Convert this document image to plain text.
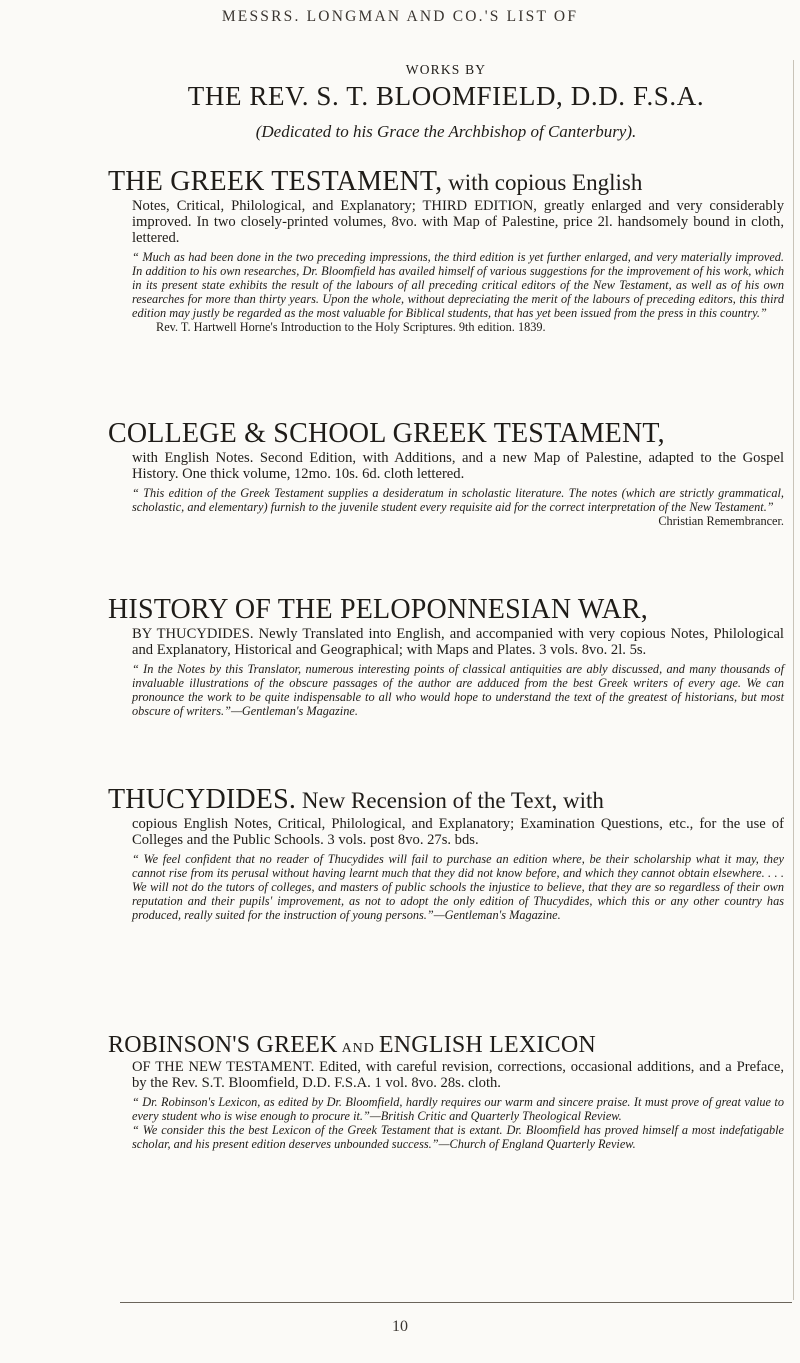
MESSRS. LONGMAN AND CO.'S LIST OF
WORKS BY
THE REV. S. T. BLOOMFIELD, D.D. F.S.A.
(Dedicated to his Grace the Archbishop of Canterbury).
THE GREEK TESTAMENT, with copious English

Notes, Critical, Philological, and Explanatory; THIRD EDITION, greatly enlarged and very considerably improved. In two closely-printed volumes, 8vo. with Map of Palestine, price 2l. handsomely bound in cloth, lettered.

“ Much as had been done in the two preceding impressions, the third edition is yet further enlarged, and very materially improved. In addition to his own researches, Dr. Bloomfield has availed himself of various suggestions for the improvement of his work, which in its present state exhibits the result of the labours of all preceding critical editors of the New Testament, as well as of his own researches for more than thirty years. Upon the whole, without depreciating the merit of the labours of preceding editors, this third edition may justly be regarded as the most valuable for Biblical students, that has yet been issued from the press in this country.”

Rev. T. Hartwell Horne's Introduction to the Holy Scriptures. 9th edition. 1839.

COLLEGE & SCHOOL GREEK TESTAMENT,

with English Notes. Second Edition, with Additions, and a new Map of Palestine, adapted to the Gospel History. One thick volume, 12mo. 10s. 6d. cloth lettered.

“ This edition of the Greek Testament supplies a desideratum in scholastic literature. The notes (which are strictly grammatical, scholastic, and elementary) furnish to the juvenile student every requisite aid for the correct interpretation of the New Testament.”

Christian Remembrancer.

HISTORY OF THE PELOPONNESIAN WAR,

BY THUCYDIDES. Newly Translated into English, and accompanied with very copious Notes, Philological and Explanatory, Historical and Geographical; with Maps and Plates. 3 vols. 8vo. 2l. 5s.

“ In the Notes by this Translator, numerous interesting points of classical antiquities are ably discussed, and many thousands of invaluable illustrations of the obscure passages of the author are adduced from the best Greek writers of every age. We can pronounce the work to be quite indispensable to all who would hope to understand the text of the greatest of historians, but most obscure of writers.”—Gentleman's Magazine.

THUCYDIDES. New Recension of the Text, with

copious English Notes, Critical, Philological, and Explanatory; Examination Questions, etc., for the use of Colleges and the Public Schools. 3 vols. post 8vo. 27s. bds.

“ We feel confident that no reader of Thucydides will fail to purchase an edition where, be their scholarship what it may, they cannot rise from its perusal without having learnt much that they did not know before, and which they cannot obtain elsewhere. . . . We will not do the tutors of colleges, and masters of public schools the injustice to believe, that they are so regardless of their own reputation and their pupils' improvement, as not to adopt the only edition of Thucydides, which this or any other country has produced, really suited for the instruction of young persons.”—Gentleman's Magazine.

ROBINSON'S GREEK AND ENGLISH LEXICON

OF THE NEW TESTAMENT. Edited, with careful revision, corrections, occasional additions, and a Preface, by the Rev. S.T. Bloomfield, D.D. F.S.A. 1 vol. 8vo. 28s. cloth.

“ Dr. Robinson's Lexicon, as edited by Dr. Bloomfield, hardly requires our warm and sincere praise. It must prove of great value to every student who is wise enough to procure it.”—British Critic and Quarterly Theological Review.

“ We consider this the best Lexicon of the Greek Testament that is extant. Dr. Bloomfield has proved himself a most indefatigable scholar, and his present edition deserves unbounded success.”—Church of England Quarterly Review.

10
